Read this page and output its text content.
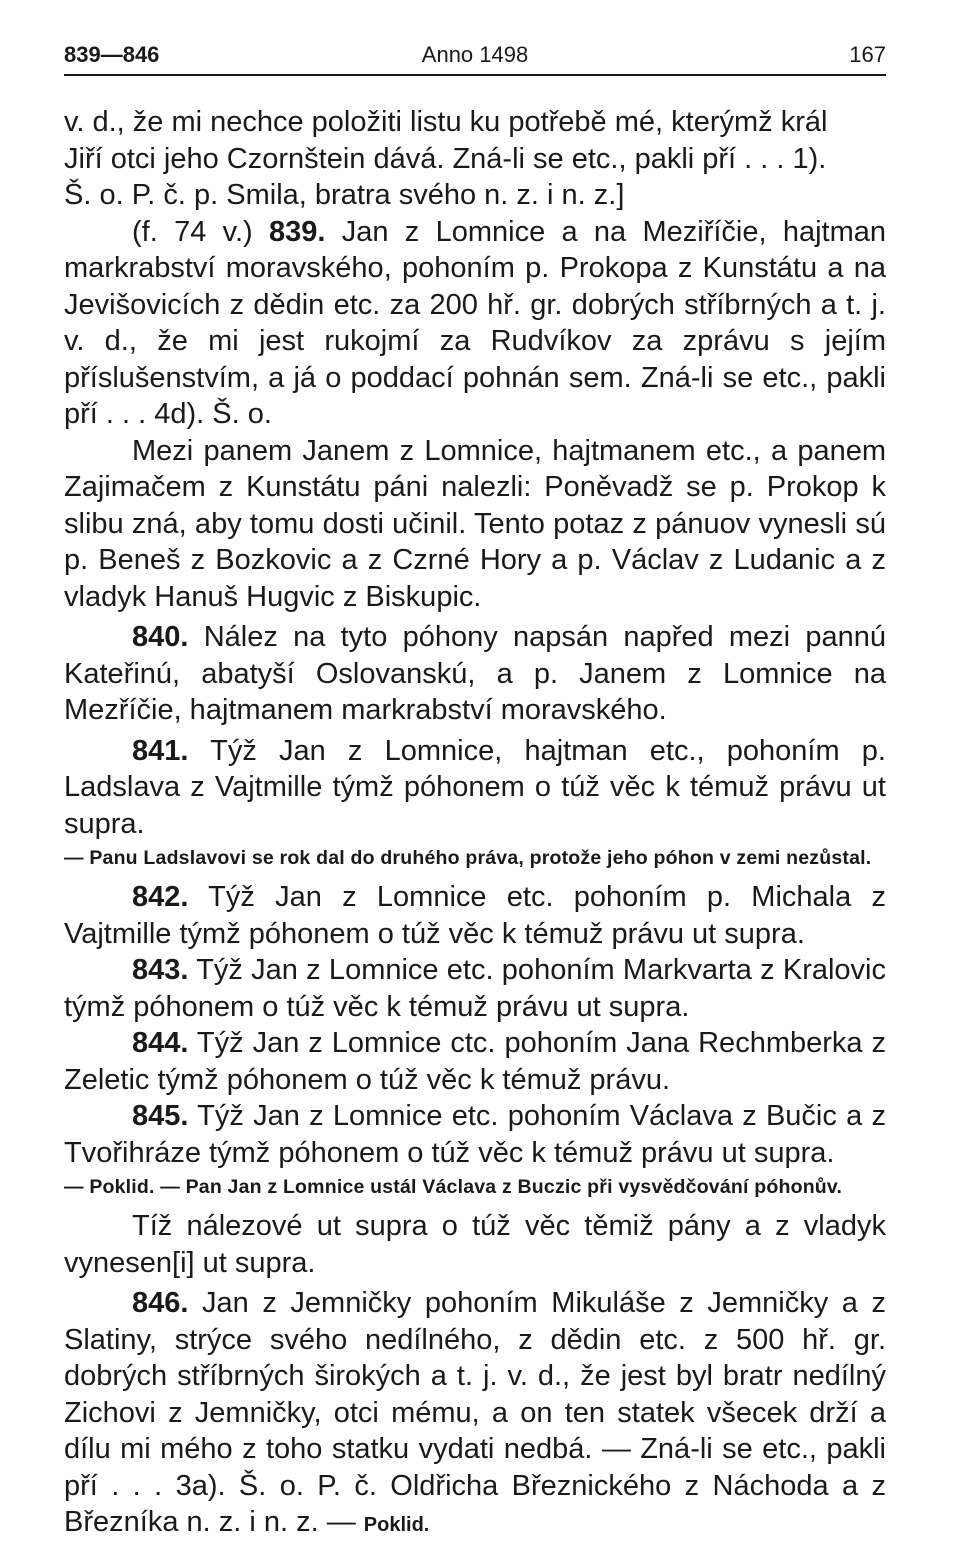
839—846	Anno 1498	167

v. d., že mi nechce položiti listu ku potřebě mé, kterýmž král
Jiří otci jeho Czornštein dává. Zná-li se etc., pakli pří . . . 1).
Š. o. P. č. p. Smila, bratra svého n. z. i n. z.]

(f. 74 v.) 839. Jan z Lomnice a na Meziříčie, hajtman markrabství moravského, pohoním p. Prokopa z Kunstátu a na Jevišovicích z dědin etc. za 200 hř. gr. dobrých stříbrných a t. j. v. d., že mi jest rukojmí za Rudvíkov za zprávu s jejím příslušenstvím, a já o poddací pohnán sem. Zná-li se etc., pakli pří . . . 4d). Š. o.

Mezi panem Janem z Lomnice, hajtmanem etc., a panem Zajimačem z Kunstátu páni nalezli: Poněvadž se p. Prokop k slibu zná, aby tomu dosti učinil. Tento potaz z pánuov vynesli sú p. Beneš z Bozkovic a z Czrné Hory a p. Václav z Ludanic a z vladyk Hanuš Hugvic z Biskupic.

840. Nález na tyto póhony napsán napřed mezi pannú Kateřinú, abatyší Oslovanskú, a p. Janem z Lomnice na Mezříčie, hajtmanem markrabství moravského.

841. Týž Jan z Lomnice, hajtman etc., pohoním p. Ladslava z Vajtmille týmž póhonem o túž věc k témuž právu ut supra.

— Panu Ladslavovi se rok dal do druhého práva, protože jeho póhon v zemi nezůstal.

842. Týž Jan z Lomnice etc. pohoním p. Michala z Vajtmille týmž póhonem o túž věc k témuž právu ut supra.

843. Týž Jan z Lomnice etc. pohoním Markvarta z Kralovic týmž póhonem o túž věc k témuž právu ut supra.

844. Týž Jan z Lomnice ctc. pohoním Jana Rechmberka z Zeletic týmž póhonem o túž věc k témuž právu.

845. Týž Jan z Lomnice etc. pohoním Václava z Bučic a z Tvořihráze týmž póhonem o túž věc k témuž právu ut supra.

— Poklid. — Pan Jan z Lomnice ustál Václava z Buczic při vysvědčování póhonův.

Tíž nálezové ut supra o túž věc těmiž pány a z vladyk vynesen[i] ut supra.

846. Jan z Jemničky pohoním Mikuláše z Jemničky a z Slatiny, strýce svého nedílného, z dědin etc. z 500 hř. gr. dobrých stříbrných širokých a t. j. v. d., že jest byl bratr nedílný Zichovi z Jemničky, otci mému, a on ten statek všecek drží a dílu mi mého z toho statku vydati nedbá. — Zná-li se etc., pakli pří . . . 3a). Š. o. P. č. Oldřicha Březnického z Náchoda a z Březníka n. z. i n. z. — Poklid.
